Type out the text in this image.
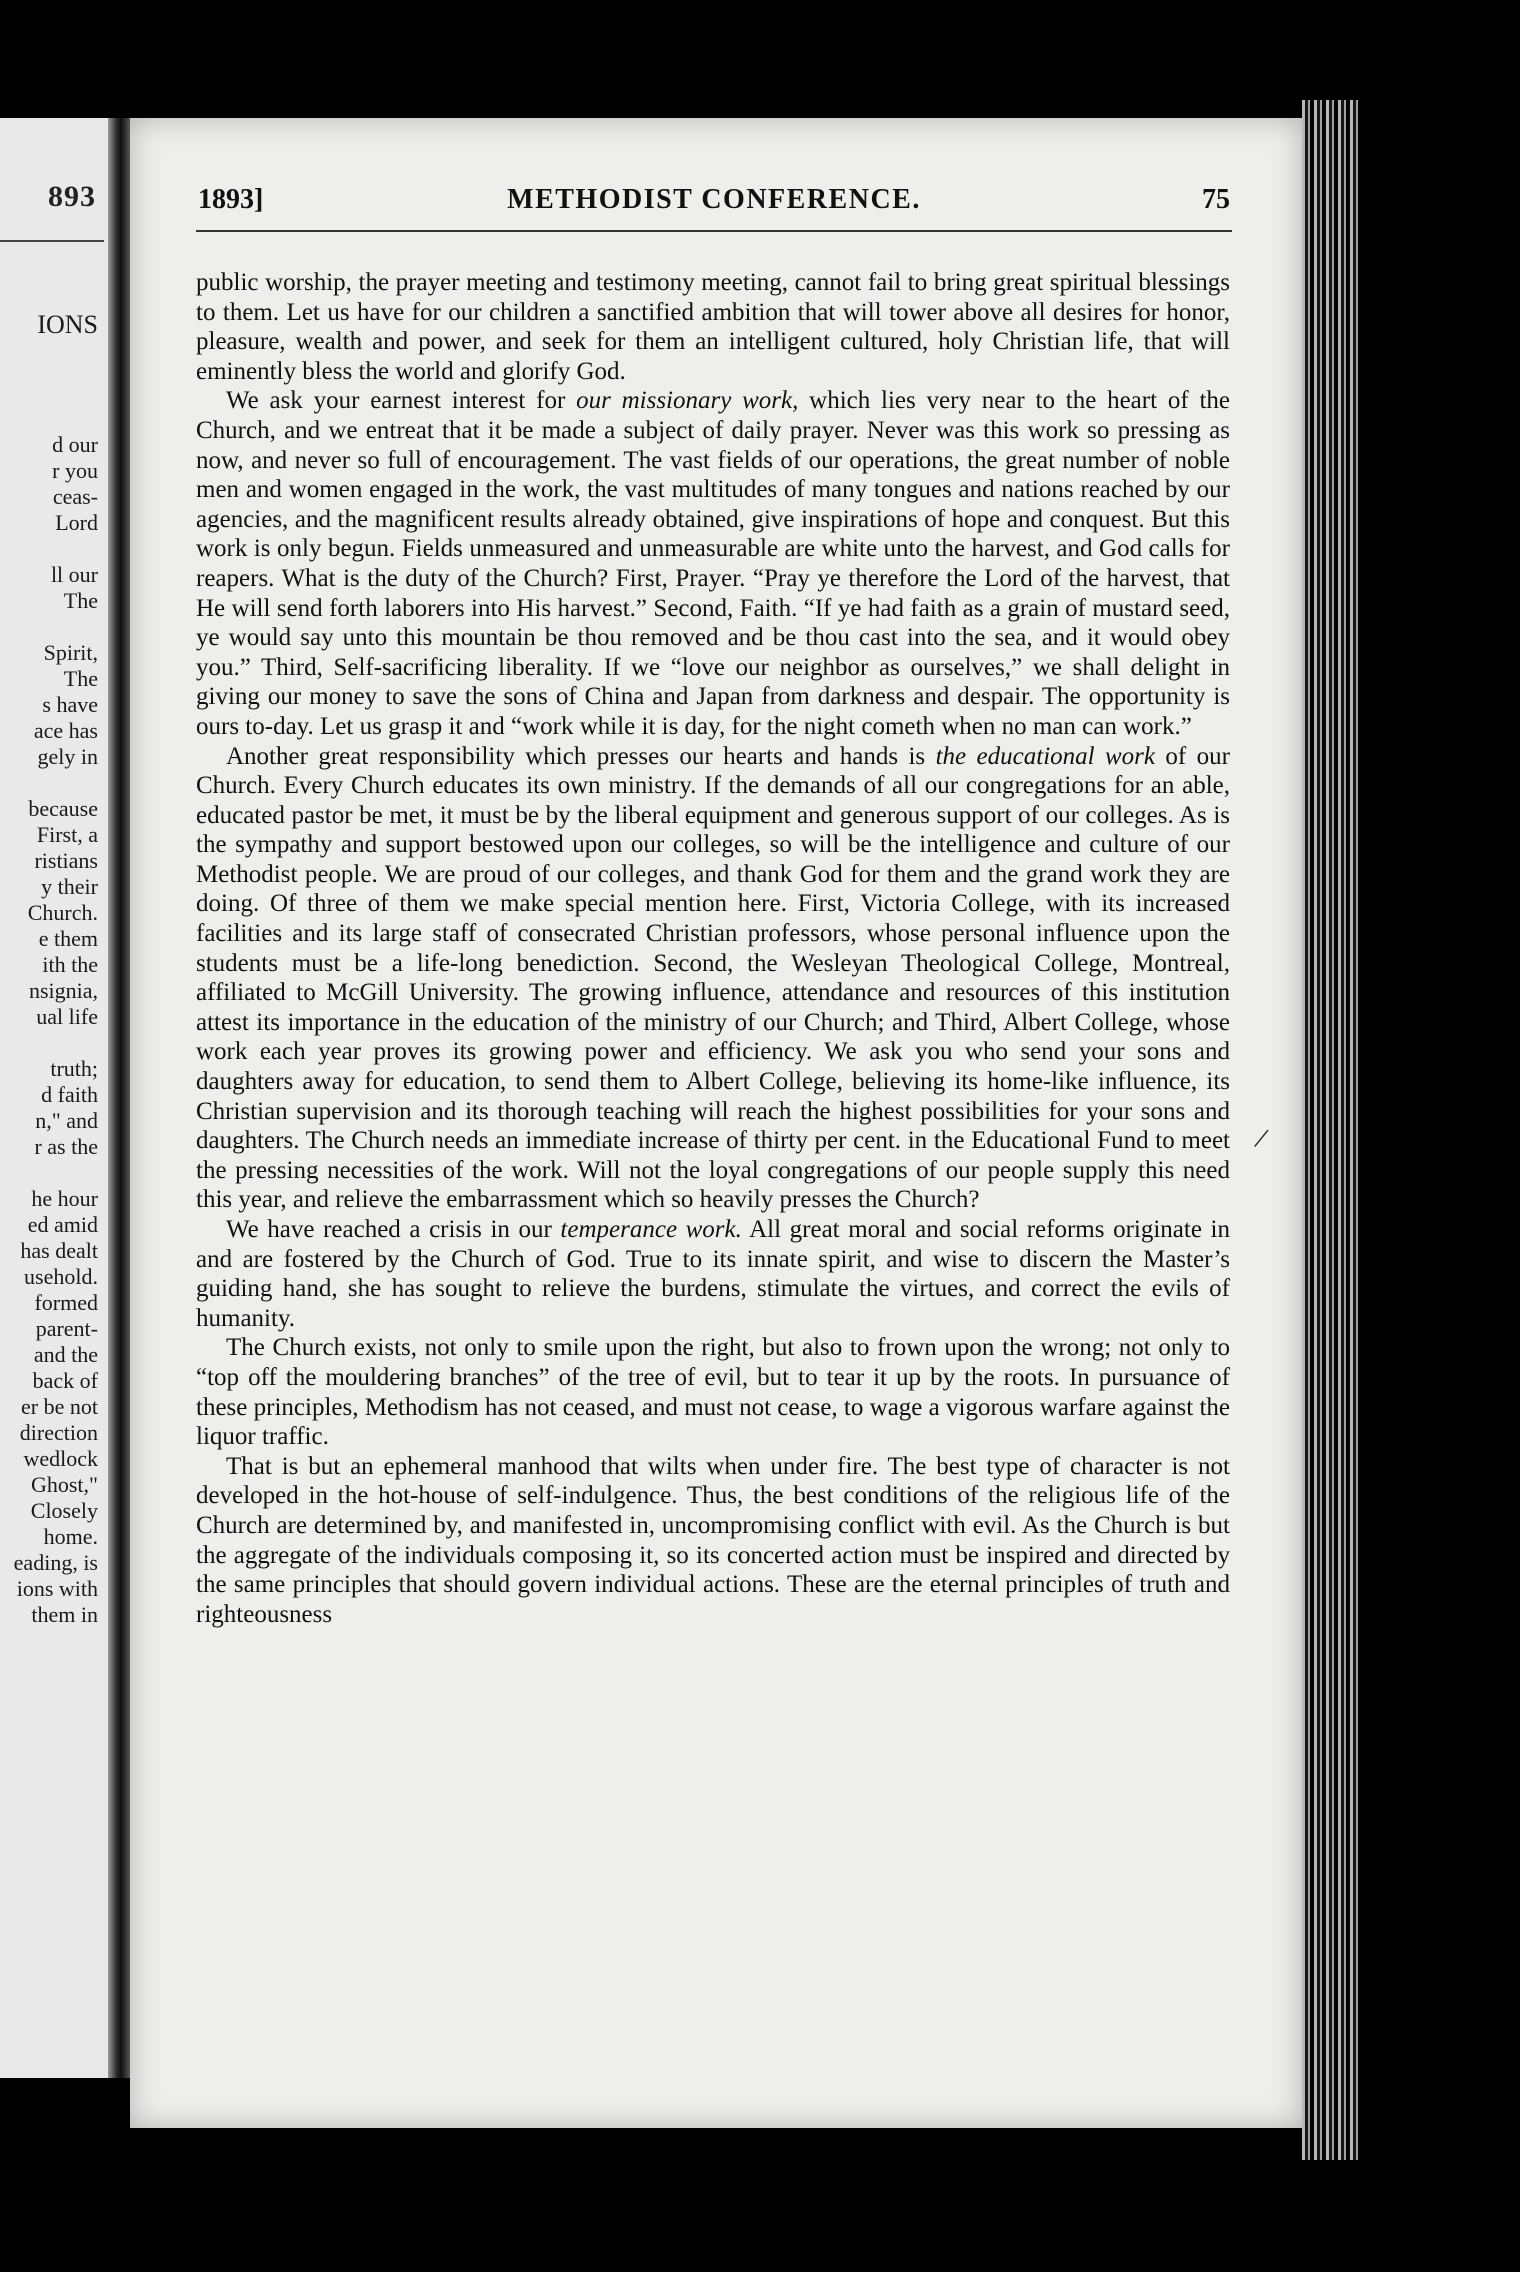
893
IONS
d our
r you
ceas-
Lord
ll our
The
Spirit,
The
s have
ace has
gely in
because
First, a
ristians
y their
Church.
e them
ith the
nsignia,
ual life
truth;
d faith
n," and
r as the
he hour
ed amid
has dealt
usehold.
formed
parent-
and the
back of
er be not
direction
wedlock
Ghost,"
Closely
home.
eading, is
ions with
them in
1893]	METHODIST CONFERENCE.	75

public worship, the prayer meeting and testimony meeting, cannot fail to bring great spiritual blessings to them. Let us have for our children a sanctified ambition that will tower above all desires for honor, pleasure, wealth and power, and seek for them an intelligent cultured, holy Christian life, that will eminently bless the world and glorify God.

We ask your earnest interest for our missionary work, which lies very near to the heart of the Church, and we entreat that it be made a subject of daily prayer. Never was this work so pressing as now, and never so full of encouragement. The vast fields of our operations, the great number of noble men and women engaged in the work, the vast multitudes of many tongues and nations reached by our agencies, and the magnificent results already obtained, give inspirations of hope and conquest. But this work is only begun. Fields unmeasured and unmeasurable are white unto the harvest, and God calls for reapers. What is the duty of the Church? First, Prayer. “Pray ye therefore the Lord of the harvest, that He will send forth laborers into His harvest.” Second, Faith. “If ye had faith as a grain of mustard seed, ye would say unto this mountain be thou removed and be thou cast into the sea, and it would obey you.” Third, Self-sacrificing liberality. If we “love our neighbor as ourselves,” we shall delight in giving our money to save the sons of China and Japan from darkness and despair. The opportunity is ours to-day. Let us grasp it and “work while it is day, for the night cometh when no man can work.”

Another great responsibility which presses our hearts and hands is the educational work of our Church. Every Church educates its own ministry. If the demands of all our congregations for an able, educated pastor be met, it must be by the liberal equipment and generous support of our colleges. As is the sympathy and support bestowed upon our colleges, so will be the intelligence and culture of our Methodist people. We are proud of our colleges, and thank God for them and the grand work they are doing. Of three of them we make special mention here. First, Victoria College, with its increased facilities and its large staff of consecrated Christian professors, whose personal influence upon the students must be a life-long benediction. Second, the Wesleyan Theological College, Montreal, affiliated to McGill University. The growing influence, attendance and resources of this institution attest its importance in the education of the ministry of our Church; and Third, Albert College, whose work each year proves its growing power and efficiency. We ask you who send your sons and daughters away for education, to send them to Albert College, believing its home-like influence, its Christian supervision and its thorough teaching will reach the highest possibilities for your sons and daughters. The Church needs an immediate increase of thirty per cent. in the Educational Fund to meet the pressing necessities of the work. Will not the loyal congregations of our people supply this need this year, and relieve the embarrassment which so heavily presses the Church?

We have reached a crisis in our temperance work. All great moral and social reforms originate in and are fostered by the Church of God. True to its innate spirit, and wise to discern the Master’s guiding hand, she has sought to relieve the burdens, stimulate the virtues, and correct the evils of humanity.

The Church exists, not only to smile upon the right, but also to frown upon the wrong; not only to “top off the mouldering branches” of the tree of evil, but to tear it up by the roots. In pursuance of these principles, Methodism has not ceased, and must not cease, to wage a vigorous warfare against the liquor traffic.

That is but an ephemeral manhood that wilts when under fire. The best type of character is not developed in the hot-house of self-indulgence. Thus, the best conditions of the religious life of the Church are determined by, and manifested in, uncompromising conflict with evil. As the Church is but the aggregate of the individuals composing it, so its concerted action must be inspired and directed by the same principles that should govern individual actions. These are the eternal principles of truth and righteousness

/
